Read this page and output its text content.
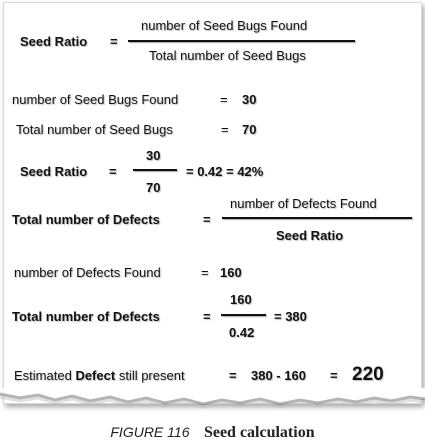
Seed Ratio =
number of Seed Bugs Found
Total number of Seed Bugs
number of Seed Bugs Found	= 30
Total number of Seed Bugs	= 70
Seed Ratio =
30
70
= 0.42 = 42%
Total number of Defects	=
number of Defects Found
Seed Ratio
number of Defects Found	= 160
Total number of Defects	=
160
0.42
= 380
Estimated Defect still present	= 380 - 160 = 220
FIGURE 116 Seed calculation
